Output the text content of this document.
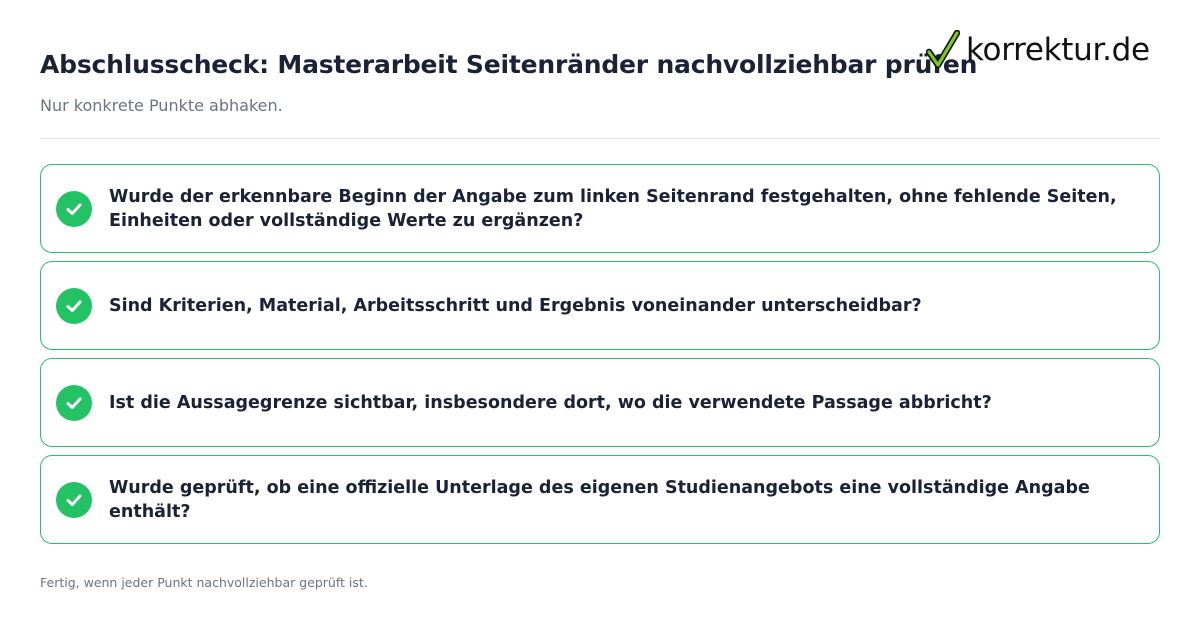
Abschlusscheck: Masterarbeit Seitenränder nachvollziehbar prüfen
Nur konkrete Punkte abhaken.
korrektur.de
Wurde der erkennbare Beginn der Angabe zum linken Seitenrand festgehalten, ohne fehlende Seiten, Einheiten oder vollständige Werte zu ergänzen?
Sind Kriterien, Material, Arbeitsschritt und Ergebnis voneinander unterscheidbar?
Ist die Aussagegrenze sichtbar, insbesondere dort, wo die verwendete Passage abbricht?
Wurde geprüft, ob eine offizielle Unterlage des eigenen Studienangebots eine vollständige Angabe enthält?
Fertig, wenn jeder Punkt nachvollziehbar geprüft ist.
